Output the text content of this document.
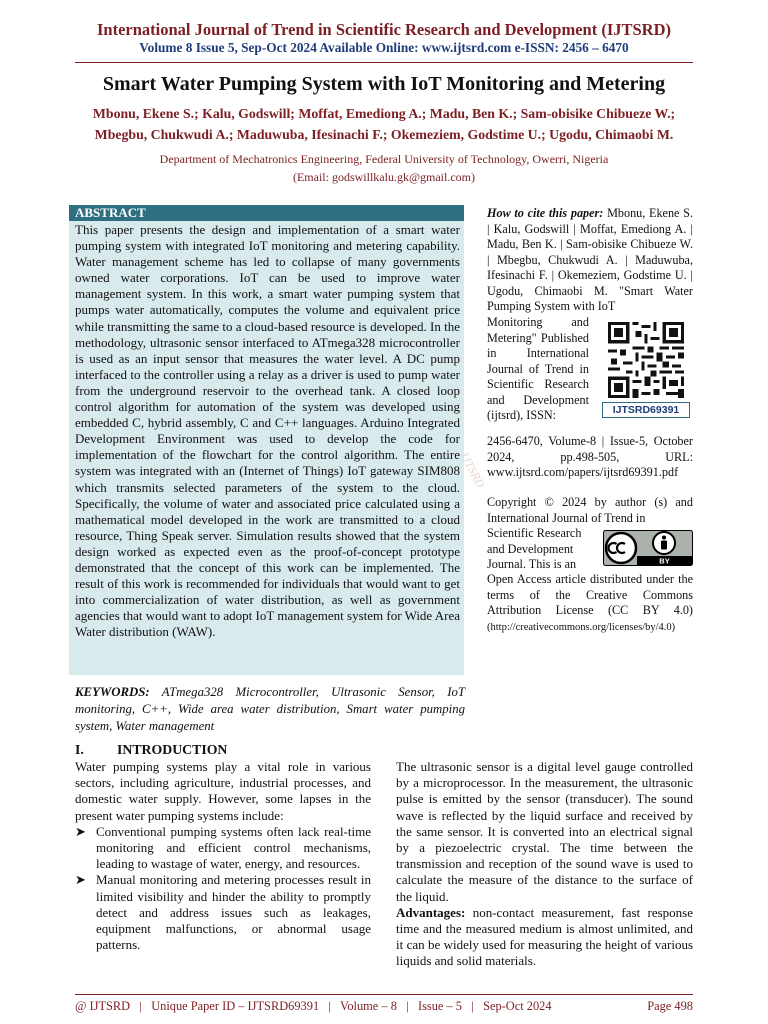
International Journal of Trend in Scientific Research and Development (IJTSRD)
Volume 8 Issue 5, Sep-Oct 2024 Available Online: www.ijtsrd.com e-ISSN: 2456 – 6470
Smart Water Pumping System with IoT Monitoring and Metering
Mbonu, Ekene S.; Kalu, Godswill; Moffat, Emediong A.; Madu, Ben K.; Sam-obisike Chibueze W.;
Mbegbu, Chukwudi A.; Maduwuba, Ifesinachi F.; Okemeziem, Godstime U.; Ugodu, Chimaobi M.
Department of Mechatronics Engineering, Federal University of Technology, Owerri, Nigeria
(Email: godswillkalu.gk@gmail.com)
ABSTRACT
This paper presents the design and implementation of a smart water pumping system with integrated IoT monitoring and metering capability. Water management scheme has led to collapse of many governments owned water corporations. IoT can be used to improve water management system. In this work, a smart water pumping system that pumps water automatically, computes the volume and equivalent price while transmitting the same to a cloud-based resource is developed. In the methodology, ultrasonic sensor interfaced to ATmega328 microcontroller is used as an input sensor that measures the water level. A DC pump interfaced to the controller using a relay as a driver is used to pump water from the underground reservoir to the overhead tank. A closed loop control algorithm for automation of the system was developed using embedded C, hybrid assembly, C and C++ languages. Arduino Integrated Development Environment was used to develop the code for implementation of the flowchart for the control algorithm. The entire system was integrated with an (Internet of Things) IoT gateway SIM808 which transmits selected parameters of the system to the cloud. Specifically, the volume of water and associated price calculated using a mathematical model developed in the work are transmitted to a cloud resource, Thing Speak server. Simulation results showed that the system design worked as expected even as the proof-of-concept prototype demonstrated that the concept of this work can be implemented. The result of this work is recommended for individuals that would want to get into commercialization of water distribution, as well as government agencies that would want to adopt IoT management system for Wide Area Water distribution (WAW).
IJTSRD
How to cite this paper: Mbonu, Ekene S. | Kalu, Godswill | Moffat, Emediong A. | Madu, Ben K. | Sam-obisike Chibueze W. | Mbegbu, Chukwudi A. | Maduwuba, Ifesinachi F. | Okemeziem, Godstime U. | Ugodu, Chimaobi M. "Smart Water Pumping System with IoT
Monitoring and Metering" Published in International Journal of Trend in Scientific Research and Development (ijtsrd), ISSN:
2456-6470, Volume-8 | Issue-5, October 2024, pp.498-505, URL: www.ijtsrd.com/papers/ijtsrd69391.pdf
IJTSRD69391
Copyright © 2024 by author (s) and International Journal of Trend in
Scientific Research and Development Journal. This is an
Open Access article distributed under the terms of the Creative Commons Attribution License (CC BY 4.0) (http://creativecommons.org/licenses/by/4.0)
BY
KEYWORDS: ATmega328 Microcontroller, Ultrasonic Sensor, IoT monitoring, C++, Wide area water distribution, Smart water pumping system, Water management
I. INTRODUCTION

Water pumping systems play a vital role in various sectors, including agriculture, industrial processes, and domestic water supply. However, some lapses in the present water pumping systems include:

➤ Conventional pumping systems often lack real-time monitoring and efficient control mechanisms, leading to wastage of water, energy, and resources.
➤ Manual monitoring and metering processes result in limited visibility and hinder the ability to promptly detect and address issues such as leakages, equipment malfunctions, or abnormal usage patterns.

The ultrasonic sensor is a digital level gauge controlled by a microprocessor. In the measurement, the ultrasonic pulse is emitted by the sensor (transducer). The sound wave is reflected by the liquid surface and received by the same sensor. It is converted into an electrical signal by a piezoelectric crystal. The time between the transmission and reception of the sound wave is used to calculate the measure of the distance to the surface of the liquid.

Advantages: non-contact measurement, fast response time and the measured medium is almost unlimited, and it can be widely used for measuring the height of various liquids and solid materials.

@ IJTSRD   |   Unique Paper ID – IJTSRD69391   |   Volume – 8   |   Issue – 5   |   Sep-Oct 2024	Page 498
